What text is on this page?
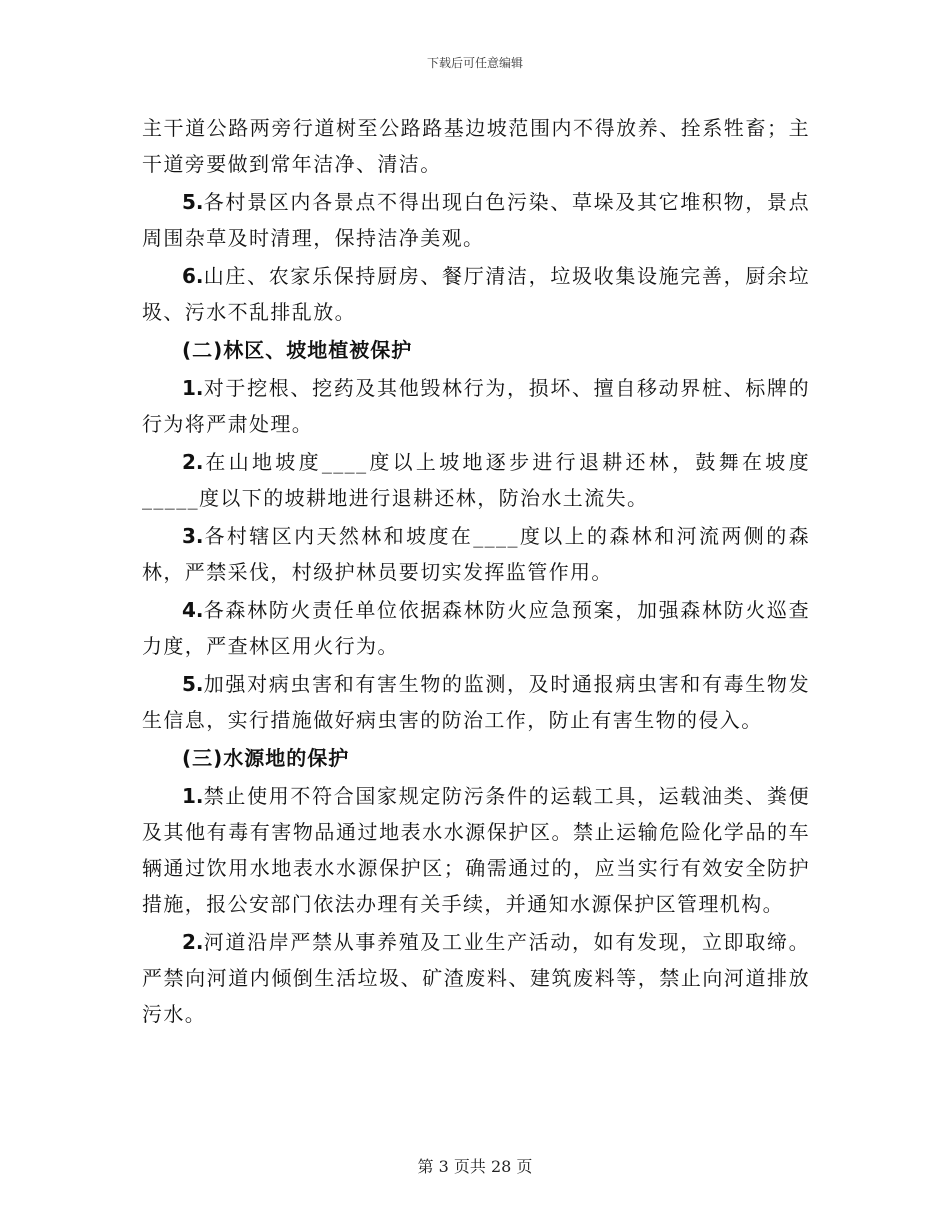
下载后可任意编辑

主干道公路两旁行道树至公路路基边坡范围内不得放养、拴系牲畜；主干道旁要做到常年洁净、清洁。

5.各村景区内各景点不得出现白色污染、草垛及其它堆积物，景点周围杂草及时清理，保持洁净美观。

6.山庄、农家乐保持厨房、餐厅清洁，垃圾收集设施完善，厨余垃圾、污水不乱排乱放。

(二)林区、坡地植被保护

1.对于挖根、挖药及其他毁林行为，损坏、擅自移动界桩、标牌的行为将严肃处理。

2.在山地坡度____度以上坡地逐步进行退耕还林，鼓舞在坡度_____度以下的坡耕地进行退耕还林，防治水土流失。

3.各村辖区内天然林和坡度在____度以上的森林和河流两侧的森林，严禁采伐，村级护林员要切实发挥监管作用。

4.各森林防火责任单位依据森林防火应急预案，加强森林防火巡查力度，严查林区用火行为。

5.加强对病虫害和有害生物的监测，及时通报病虫害和有毒生物发生信息，实行措施做好病虫害的防治工作，防止有害生物的侵入。

(三)水源地的保护

1.禁止使用不符合国家规定防污条件的运载工具，运载油类、粪便及其他有毒有害物品通过地表水水源保护区。禁止运输危险化学品的车辆通过饮用水地表水水源保护区；确需通过的，应当实行有效安全防护措施，报公安部门依法办理有关手续，并通知水源保护区管理机构。

2.河道沿岸严禁从事养殖及工业生产活动，如有发现，立即取缔。严禁向河道内倾倒生活垃圾、矿渣废料、建筑废料等，禁止向河道排放污水。

第 3 页共 28 页
